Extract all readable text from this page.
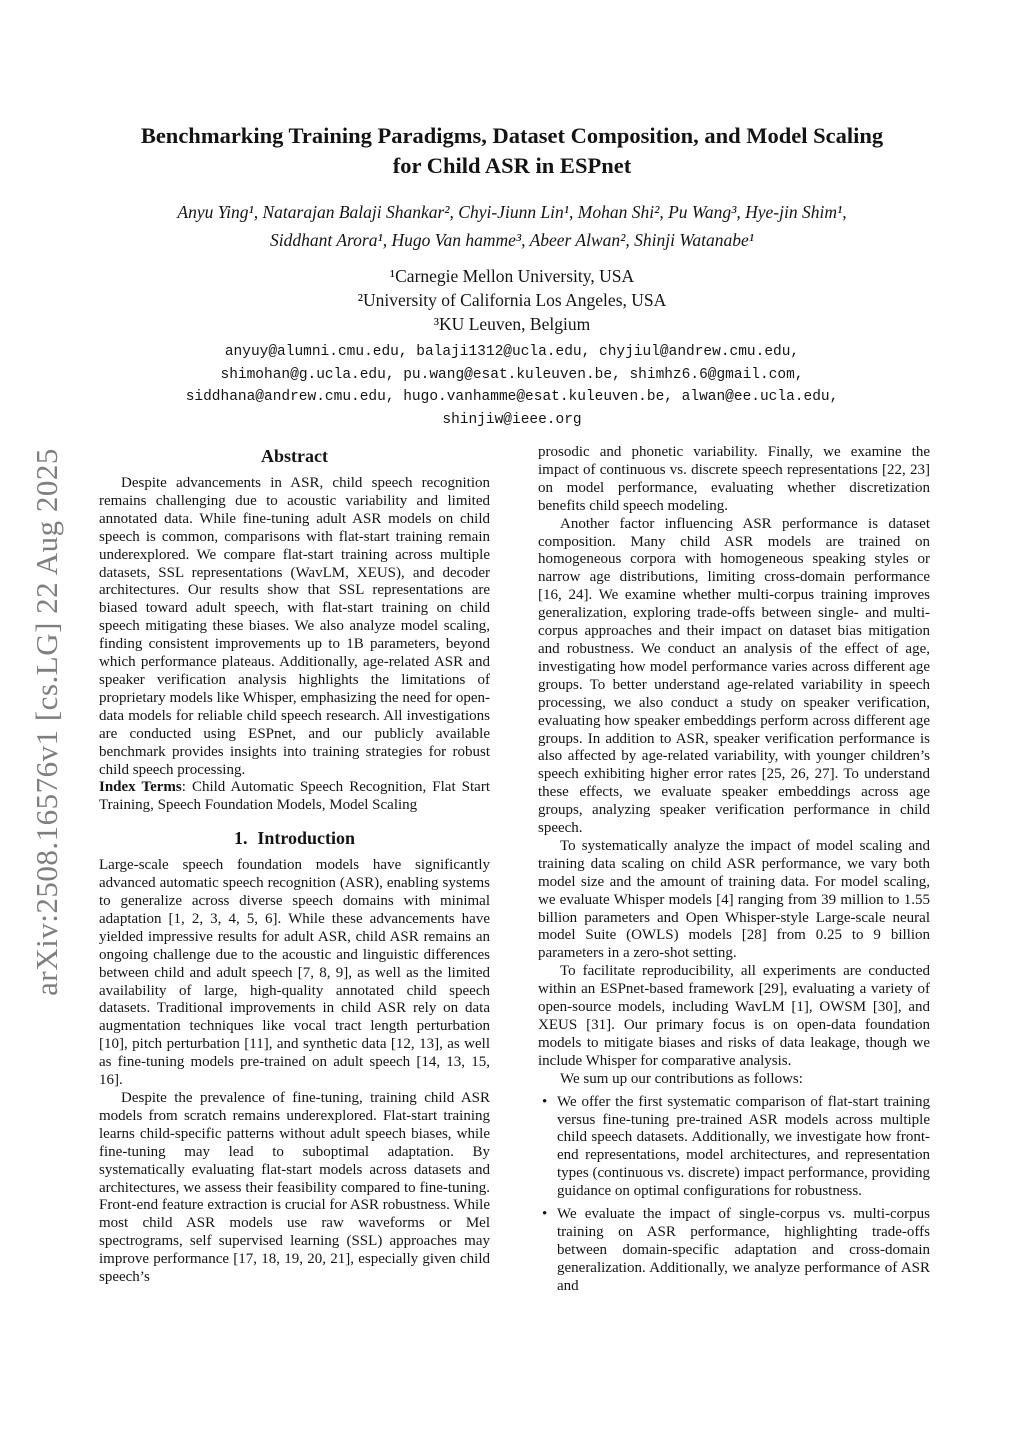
arXiv:2508.16576v1 [cs.LG] 22 Aug 2025
Benchmarking Training Paradigms, Dataset Composition, and Model Scaling
for Child ASR in ESPnet
Anyu Ying¹, Natarajan Balaji Shankar², Chyi-Jiunn Lin¹, Mohan Shi², Pu Wang³, Hye-jin Shim¹,
Siddhant Arora¹, Hugo Van hamme³, Abeer Alwan², Shinji Watanabe¹
¹Carnegie Mellon University, USA
²University of California Los Angeles, USA
³KU Leuven, Belgium
anyuy@alumni.cmu.edu, balaji1312@ucla.edu, chyjiul@andrew.cmu.edu,
shimohan@g.ucla.edu, pu.wang@esat.kuleuven.be, shimhz6.6@gmail.com,
siddhana@andrew.cmu.edu, hugo.vanhamme@esat.kuleuven.be, alwan@ee.ucla.edu,
shinjiw@ieee.org
Abstract

Despite advancements in ASR, child speech recognition remains challenging due to acoustic variability and limited annotated data. While fine-tuning adult ASR models on child speech is common, comparisons with flat-start training remain underexplored. We compare flat-start training across multiple datasets, SSL representations (WavLM, XEUS), and decoder architectures. Our results show that SSL representations are biased toward adult speech, with flat-start training on child speech mitigating these biases. We also analyze model scaling, finding consistent improvements up to 1B parameters, beyond which performance plateaus. Additionally, age-related ASR and speaker verification analysis highlights the limitations of proprietary models like Whisper, emphasizing the need for open-data models for reliable child speech research. All investigations are conducted using ESPnet, and our publicly available benchmark provides insights into training strategies for robust child speech processing.

Index Terms: Child Automatic Speech Recognition, Flat Start Training, Speech Foundation Models, Model Scaling

1. Introduction

Large-scale speech foundation models have significantly advanced automatic speech recognition (ASR), enabling systems to generalize across diverse speech domains with minimal adaptation [1, 2, 3, 4, 5, 6]. While these advancements have yielded impressive results for adult ASR, child ASR remains an ongoing challenge due to the acoustic and linguistic differences between child and adult speech [7, 8, 9], as well as the limited availability of large, high-quality annotated child speech datasets. Traditional improvements in child ASR rely on data augmentation techniques like vocal tract length perturbation [10], pitch perturbation [11], and synthetic data [12, 13], as well as fine-tuning models pre-trained on adult speech [14, 13, 15, 16].

Despite the prevalence of fine-tuning, training child ASR models from scratch remains underexplored. Flat-start training learns child-specific patterns without adult speech biases, while fine-tuning may lead to suboptimal adaptation. By systematically evaluating flat-start models across datasets and architectures, we assess their feasibility compared to fine-tuning. Front-end feature extraction is crucial for ASR robustness. While most child ASR models use raw waveforms or Mel spectrograms, self supervised learning (SSL) approaches may improve performance [17, 18, 19, 20, 21], especially given child speech’s

prosodic and phonetic variability. Finally, we examine the impact of continuous vs. discrete speech representations [22, 23] on model performance, evaluating whether discretization benefits child speech modeling.

Another factor influencing ASR performance is dataset composition. Many child ASR models are trained on homogeneous corpora with homogeneous speaking styles or narrow age distributions, limiting cross-domain performance [16, 24]. We examine whether multi-corpus training improves generalization, exploring trade-offs between single- and multi-corpus approaches and their impact on dataset bias mitigation and robustness. We conduct an analysis of the effect of age, investigating how model performance varies across different age groups. To better understand age-related variability in speech processing, we also conduct a study on speaker verification, evaluating how speaker embeddings perform across different age groups. In addition to ASR, speaker verification performance is also affected by age-related variability, with younger children’s speech exhibiting higher error rates [25, 26, 27]. To understand these effects, we evaluate speaker embeddings across age groups, analyzing speaker verification performance in child speech.

To systematically analyze the impact of model scaling and training data scaling on child ASR performance, we vary both model size and the amount of training data. For model scaling, we evaluate Whisper models [4] ranging from 39 million to 1.55 billion parameters and Open Whisper-style Large-scale neural model Suite (OWLS) models [28] from 0.25 to 9 billion parameters in a zero-shot setting.

To facilitate reproducibility, all experiments are conducted within an ESPnet-based framework [29], evaluating a variety of open-source models, including WavLM [1], OWSM [30], and XEUS [31]. Our primary focus is on open-data foundation models to mitigate biases and risks of data leakage, though we include Whisper for comparative analysis.

We sum up our contributions as follows:

We offer the first systematic comparison of flat-start training versus fine-tuning pre-trained ASR models across multiple child speech datasets. Additionally, we investigate how front-end representations, model architectures, and representation types (continuous vs. discrete) impact performance, providing guidance on optimal configurations for robustness.
We evaluate the impact of single-corpus vs. multi-corpus training on ASR performance, highlighting trade-offs between domain-specific adaptation and cross-domain generalization. Additionally, we analyze performance of ASR and
